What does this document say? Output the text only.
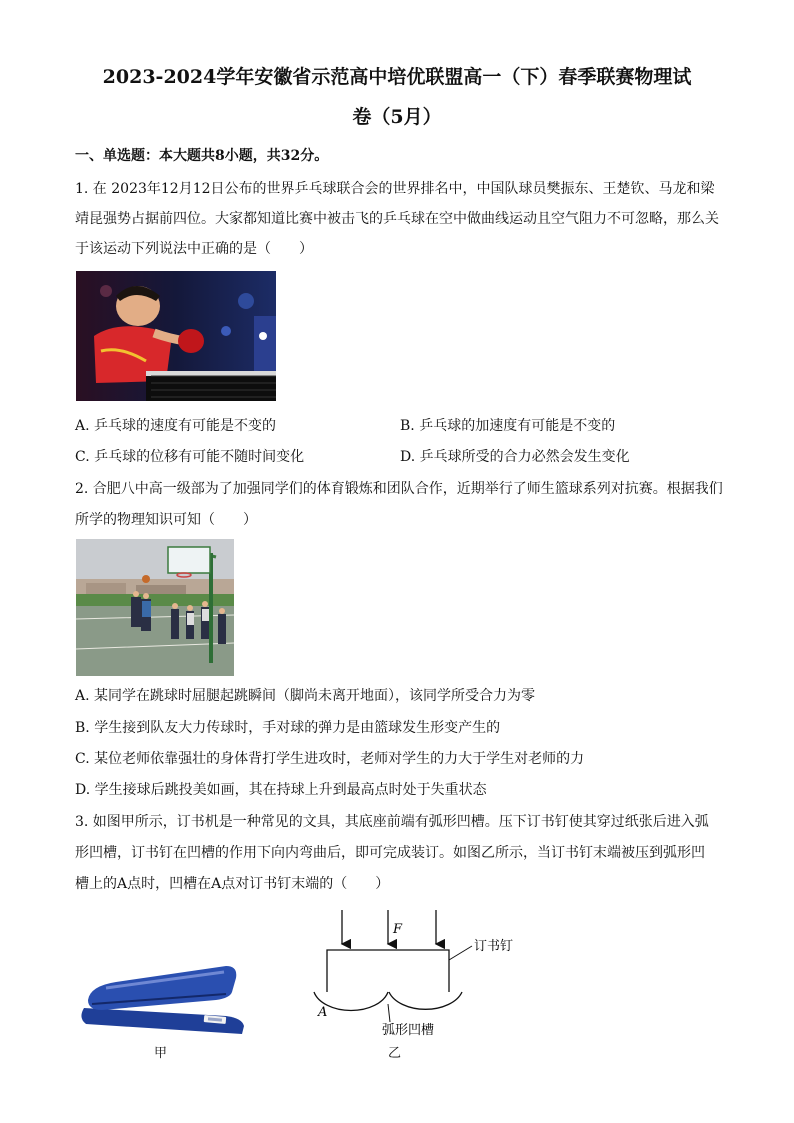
2023-2024学年安徽省示范高中培优联盟高一（下）春季联赛物理试
卷（5月）
一、单选题：本大题共8小题，共32分。
1. 在 2023年12月12日公布的世界乒乓球联合会的世界排名中，中国队球员樊振东、王楚钦、马龙和梁
靖昆强势占据前四位。大家都知道比赛中被击飞的乒乓球在空中做曲线运动且空气阻力不可忽略，那么关
于该运动下列说法中正确的是（　　）
A. 乒乓球的速度有可能是不变的	B. 乒乓球的加速度有可能是不变的
C. 乒乓球的位移有可能不随时间变化	D. 乒乓球所受的合力必然会发生变化
2. 合肥八中高一级部为了加强同学们的体育锻炼和团队合作，近期举行了师生篮球系列对抗赛。根据我们
所学的物理知识可知（　　）
A. 某同学在跳球时屈腿起跳瞬间（脚尚未离开地面），该同学所受合力为零
B. 学生接到队友大力传球时，手对球的弹力是由篮球发生形变产生的
C. 某位老师依靠强壮的身体背打学生进攻时，老师对学生的力大于学生对老师的力
D. 学生接球后跳投美如画，其在持球上升到最高点时处于失重状态
3. 如图甲所示，订书机是一种常见的文具，其底座前端有弧形凹槽。压下订书钉使其穿过纸张后进入弧
形凹槽，订书钉在凹槽的作用下向内弯曲后，即可完成装订。如图乙所示，当订书钉末端被压到弧形凹
槽上的A点时，凹槽在A点对订书钉末端的（　　）
甲
F
订书钉
A
弧形凹槽
乙
